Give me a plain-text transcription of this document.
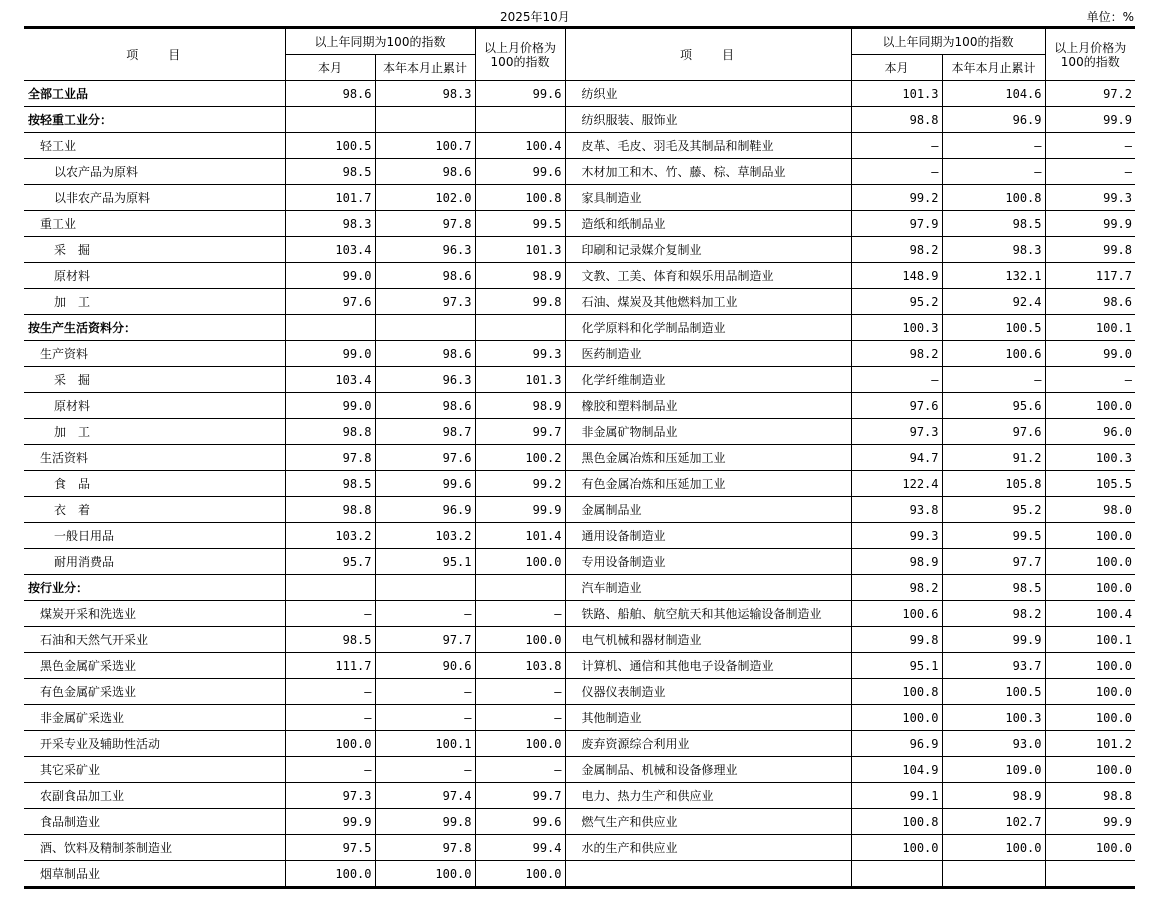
2025年10月	单位：%
项　　目	以上年同期为100的指数	以上月价格为
100的指数	项　　目	以上年同期为100的指数	以上月价格为
100的指数

	本月	本年本月止累计			本月	本年本月止累计	
全部工业品	98.6	98.3	99.6	纺织业	101.3	104.6	97.2
按轻重工业分：				纺织服装、服饰业	98.8	96.9	99.9
轻工业	100.5	100.7	100.4	皮革、毛皮、羽毛及其制品和制鞋业	—	—	—
以农产品为原料	98.5	98.6	99.6	木材加工和木、竹、藤、棕、草制品业	—	—	—
以非农产品为原料	101.7	102.0	100.8	家具制造业	99.2	100.8	99.3
重工业	98.3	97.8	99.5	造纸和纸制品业	97.9	98.5	99.9
采　掘	103.4	96.3	101.3	印刷和记录媒介复制业	98.2	98.3	99.8
原材料	99.0	98.6	98.9	文教、工美、体育和娱乐用品制造业	148.9	132.1	117.7
加　工	97.6	97.3	99.8	石油、煤炭及其他燃料加工业	95.2	92.4	98.6
按生产生活资料分：				化学原料和化学制品制造业	100.3	100.5	100.1
生产资料	99.0	98.6	99.3	医药制造业	98.2	100.6	99.0
采　掘	103.4	96.3	101.3	化学纤维制造业	—	—	—
原材料	99.0	98.6	98.9	橡胶和塑料制品业	97.6	95.6	100.0
加　工	98.8	98.7	99.7	非金属矿物制品业	97.3	97.6	96.0
生活资料	97.8	97.6	100.2	黑色金属冶炼和压延加工业	94.7	91.2	100.3
食　品	98.5	99.6	99.2	有色金属冶炼和压延加工业	122.4	105.8	105.5
衣　着	98.8	96.9	99.9	金属制品业	93.8	95.2	98.0
一般日用品	103.2	103.2	101.4	通用设备制造业	99.3	99.5	100.0
耐用消费品	95.7	95.1	100.0	专用设备制造业	98.9	97.7	100.0
按行业分：				汽车制造业	98.2	98.5	100.0
煤炭开采和洗选业	—	—	—	铁路、船舶、航空航天和其他运输设备制造业	100.6	98.2	100.4
石油和天然气开采业	98.5	97.7	100.0	电气机械和器材制造业	99.8	99.9	100.1
黑色金属矿采选业	111.7	90.6	103.8	计算机、通信和其他电子设备制造业	95.1	93.7	100.0
有色金属矿采选业	—	—	—	仪器仪表制造业	100.8	100.5	100.0
非金属矿采选业	—	—	—	其他制造业	100.0	100.3	100.0
开采专业及辅助性活动	100.0	100.1	100.0	废弃资源综合利用业	96.9	93.0	101.2
其它采矿业	—	—	—	金属制品、机械和设备修理业	104.9	109.0	100.0
农副食品加工业	97.3	97.4	99.7	电力、热力生产和供应业	99.1	98.9	98.8
食品制造业	99.9	99.8	99.6	燃气生产和供应业	100.8	102.7	99.9
酒、饮料及精制茶制造业	97.5	97.8	99.4	水的生产和供应业	100.0	100.0	100.0
烟草制品业	100.0	100.0	100.0				
